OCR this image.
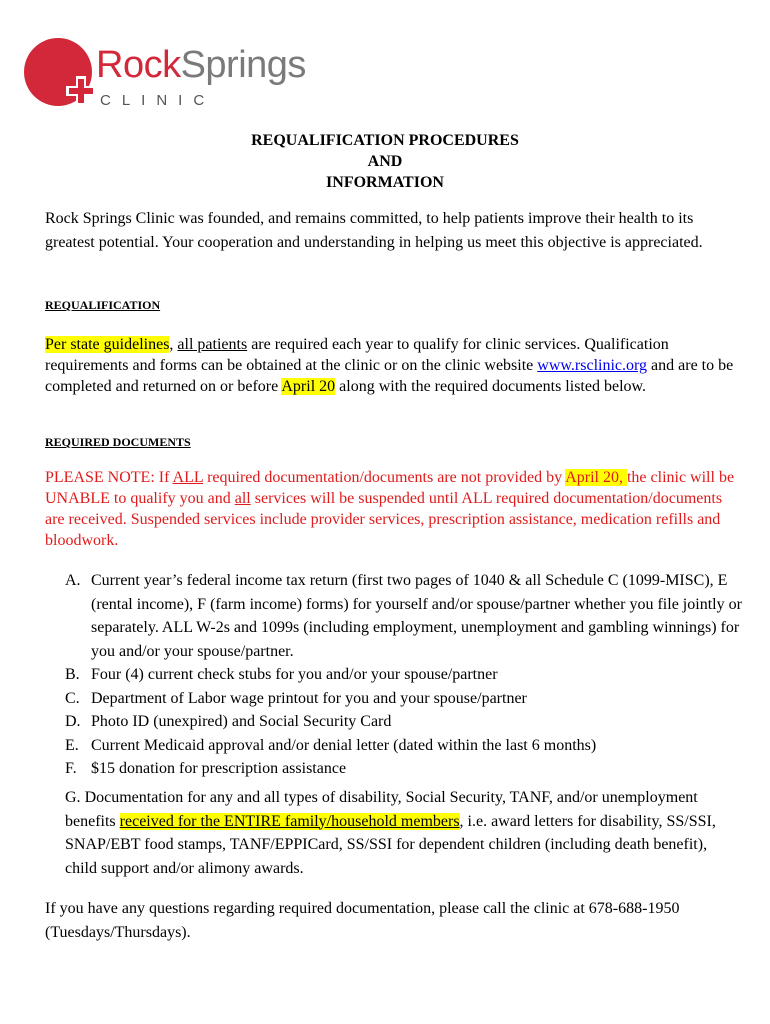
RockSprings
CLINIC
REQUALIFICATION PROCEDURES
AND
INFORMATION
Rock Springs Clinic was founded, and remains committed, to help patients improve their health to its greatest potential. Your cooperation and understanding in helping us meet this objective is appreciated.
REQUALIFICATION
Per state guidelines, all patients are required each year to qualify for clinic services. Qualification requirements and forms can be obtained at the clinic or on the clinic website www.rsclinic.org and are to be completed and returned on or before April 20 along with the required documents listed below.
REQUIRED DOCUMENTS
PLEASE NOTE: If ALL required documentation/documents are not provided by April 20, the clinic will be UNABLE to qualify you and all services will be suspended until ALL required documentation/documents are received. Suspended services include provider services, prescription assistance, medication refills and bloodwork.
A. Current year’s federal income tax return (first two pages of 1040 & all Schedule C (1099-MISC), E (rental income), F (farm income) forms) for yourself and/or spouse/partner whether you file jointly or separately. ALL W-2s and 1099s (including employment, unemployment and gambling winnings) for you and/or your spouse/partner.
B. Four (4) current check stubs for you and/or your spouse/partner
C. Department of Labor wage printout for you and your spouse/partner
D. Photo ID (unexpired) and Social Security Card
E. Current Medicaid approval and/or denial letter (dated within the last 6 months)
F. $15 donation for prescription assistance
G. Documentation for any and all types of disability, Social Security, TANF, and/or unemployment benefits received for the ENTIRE family/household members, i.e. award letters for disability, SS/SSI, SNAP/EBT food stamps, TANF/EPPICard, SS/SSI for dependent children (including death benefit), child support and/or alimony awards.
If you have any questions regarding required documentation, please call the clinic at 678-688-1950 (Tuesdays/Thursdays).
